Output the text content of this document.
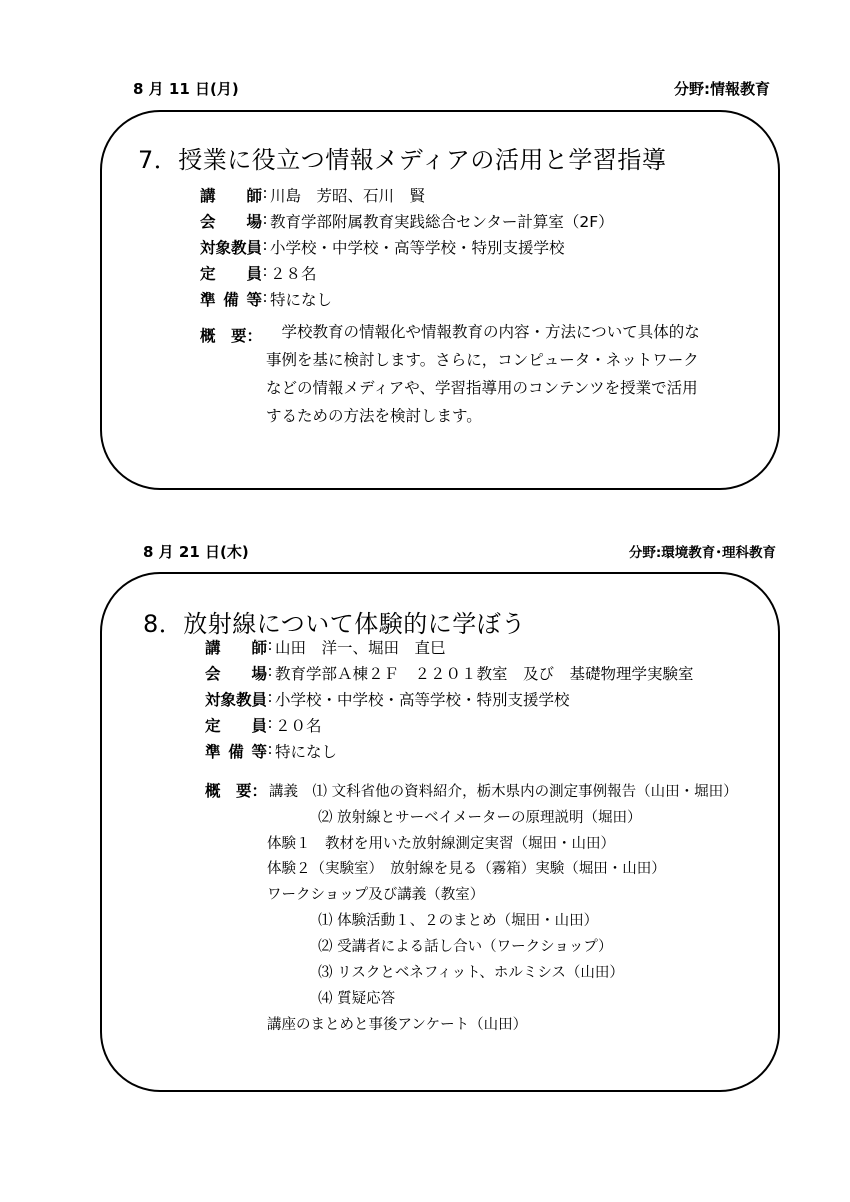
8 月 11 日(月)	分野:情報教育
7．授業に役立つ情報メディアの活用と学習指導
講師 : 川島　芳昭、石川　賢
会場 : 教育学部附属教育実践総合センター計算室（2F）
対象教員 : 小学校・中学校・高等学校・特別支援学校
定員 : ２８名
準備等 : 特になし
概　要： 　学校教育の情報化や情報教育の内容・方法について具体的な
事例を基に検討します。さらに，コンピュータ・ネットワーク
などの情報メディアや、学習指導用のコンテンツを授業で活用
するための方法を検討します。
8 月 21 日(木)	分野:環境教育･理科教育
8．放射線について体験的に学ぼう
講師 : 山田　洋一、堀田　直巳
会場 : 教育学部Ａ棟２Ｆ　２２０１教室　及び　基礎物理学実験室
対象教員 : 小学校・中学校・高等学校・特別支援学校
定員 : ２０名
準備等 : 特になし
概　要： 講義　⑴ 文科省他の資料紹介，栃木県内の測定事例報告（山田・堀田）
⑵ 放射線とサーベイメーターの原理説明（堀田）
体験１　教材を用いた放射線測定実習（堀田・山田）
体験２（実験室）　放射線を見る（霧箱）実験（堀田・山田）
ワークショップ及び講義（教室）
⑴ 体験活動１、２のまとめ（堀田・山田）
⑵ 受講者による話し合い（ワークショップ）
⑶ リスクとベネフィット、ホルミシス（山田）
⑷ 質疑応答
講座のまとめと事後アンケート（山田）
